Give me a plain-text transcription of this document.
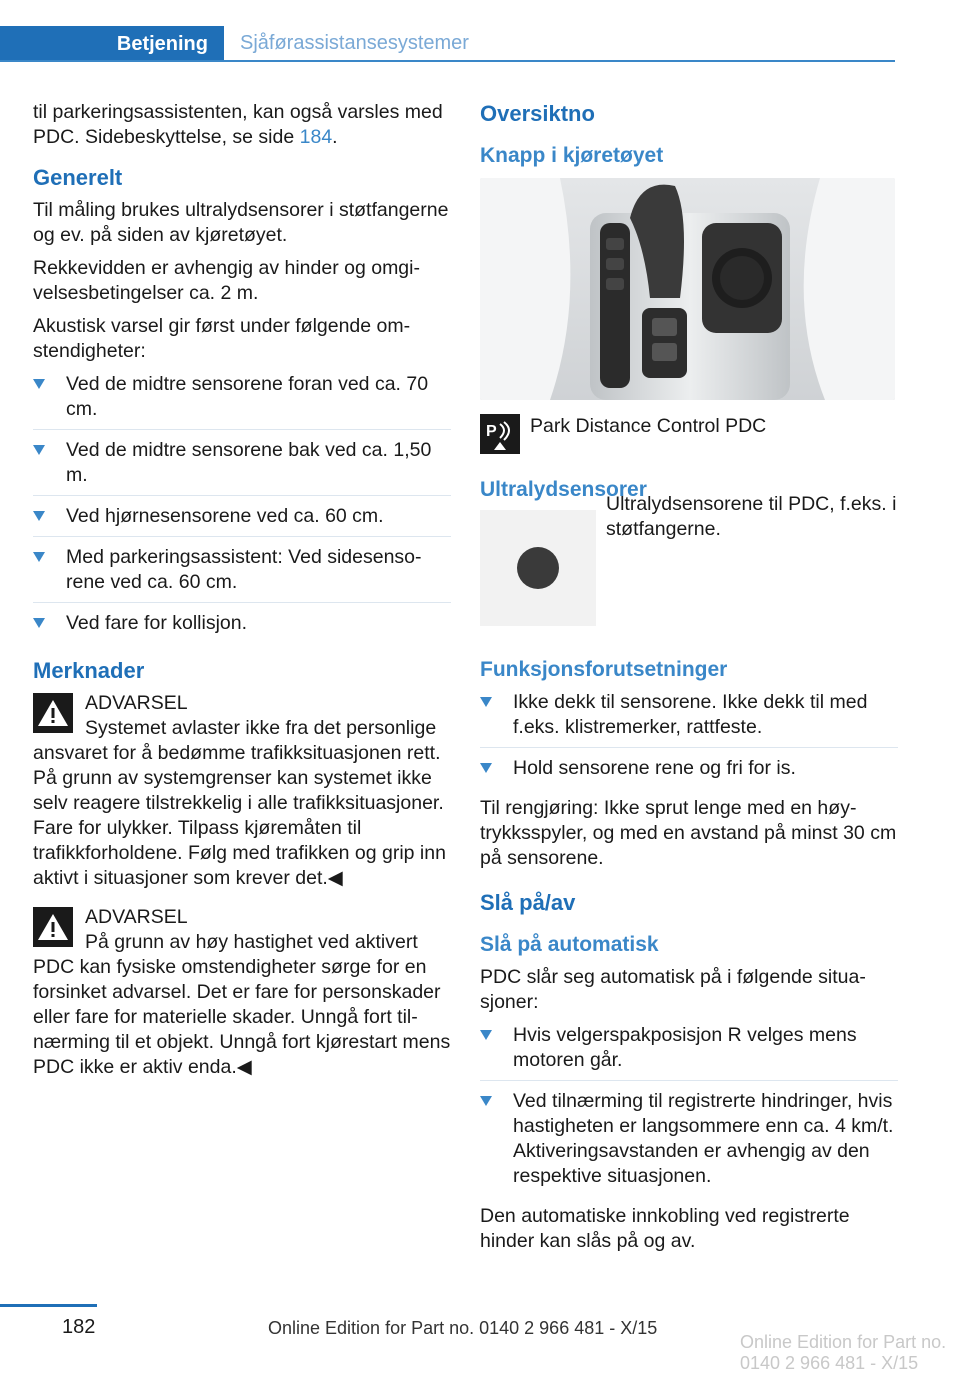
Betjening	Sjåførassistansesystemer

til parkeringsassistenten, kan også varsles med PDC. Sidebeskyttelse, se side 184.

Generelt

Til måling brukes ultralydsensorer i støtfangerne og ev. på siden av kjøretøyet.

Rekkevidden er avhengig av hinder og omgivelsesbetingelser ca. 2 m.

Akustisk varsel gir først under følgende omstendigheter:

Ved de midtre sensorene foran ved ca. 70 cm.
Ved de midtre sensorene bak ved ca. 1,50 m.
Ved hjørnesensorene ved ca. 60 cm.
Med parkeringsassistent: Ved sidesensorene ved ca. 60 cm.
Ved fare for kollisjon.
Merknader
ADVARSEL
Systemet avlaster ikke fra det personlige ansvaret for å bedømme trafikksituasjonen rett. På grunn av systemgrenser kan systemet ikke selv reagere tilstrekkelig i alle trafikksituasjoner. Fare for ulykker. Tilpass kjøremåten til trafikkforholdene. Følg med trafikken og grip inn aktivt i situasjoner som krever det.◀
ADVARSEL
På grunn av høy hastighet ved aktivert PDC kan fysiske omstendigheter sørge for en forsinket advarsel. Det er fare for personskader eller fare for materielle skader. Unngå fort tilnærming til et objekt. Unngå fort kjørestart mens PDC ikke er aktiv enda.◀
Oversiktno
Knapp i kjøretøyet
P Park Distance Control PDC
Ultralydsensorer
Ultralydsensorene til PDC, f.eks. i støtfangerne.
Funksjonsforutsetninger
Ikke dekk til sensorene. Ikke dekk til med f.eks. klistremerker, rattfeste.
Hold sensorene rene og fri for is.

Til rengjøring: Ikke sprut lenge med en høytrykksspyler, og med en avstand på minst 30 cm på sensorene.

Slå på/av
Slå på automatisk

PDC slår seg automatisk på i følgende situasjoner:

Hvis velgerspakposisjon R velges mens motoren går.
Ved tilnærming til registrerte hindringer, hvis hastigheten er langsommere enn ca. 4 km/t. Aktiveringsavstanden er avhengig av den respektive situasjonen.

Den automatiske innkobling ved registrerte hinder kan slås på og av.

182	Online Edition for Part no. 0140 2 966 481 - X/15
Online Edition for Part no. 0140 2 966 481 - X/15
